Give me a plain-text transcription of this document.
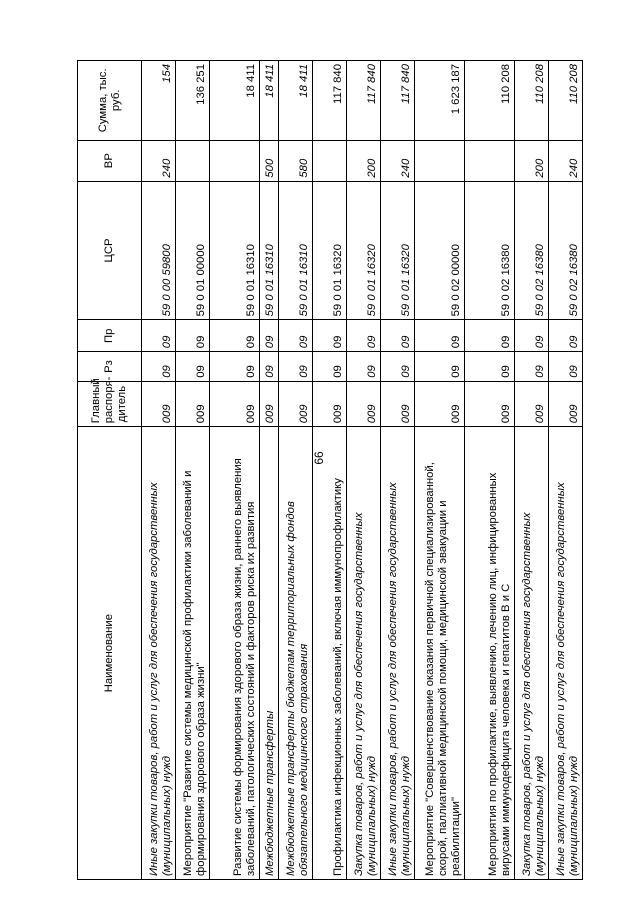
66
Наименование	Главный распоря-дитель	Рз	Пр	ЦСР	ВР	Сумма, тыс. руб.
Иные закупки товаров, работ и услуг для обеспечения государственных (муниципальных) нужд	009	09	09	59 0 00 59800	240	154
Мероприятие "Развитие системы медицинской профилактики заболеваний и формирования здорового образа жизни"	009	09	09	59 0 01 00000		136 251
Развитие системы формирования здорового образа жизни, раннего выявления заболеваний, патологических состояний и факторов риска их развития	009	09	09	59 0 01 16310		18 411
Межбюджетные трансферты	009	09	09	59 0 01 16310	500	18 411
Межбюджетные трансферты бюджетам территориальных фондов обязательного медицинского страхования	009	09	09	59 0 01 16310	580	18 411
Профилактика инфекционных заболеваний, включая иммунопрофилактику	009	09	09	59 0 01 16320		117 840
Закупка товаров, работ и услуг для обеспечения государственных (муниципальных) нужд	009	09	09	59 0 01 16320	200	117 840
Иные закупки товаров, работ и услуг для обеспечения государственных (муниципальных) нужд	009	09	09	59 0 01 16320	240	117 840
Мероприятие "Совершенствование оказания первичной специализированной, скорой, паллиативной медицинской помощи, медицинской эвакуации и реабилитации"	009	09	09	59 0 02 00000		1 623 187
Мероприятия по профилактике, выявлению, лечению лиц, инфицированных вирусами иммунодефицита человека и гепатитов B и C	009	09	09	59 0 02 16380		110 208
Закупка товаров, работ и услуг для обеспечения государственных (муниципальных) нужд	009	09	09	59 0 02 16380	200	110 208
Иные закупки товаров, работ и услуг для обеспечения государственных (муниципальных) нужд	009	09	09	59 0 02 16380	240	110 208
